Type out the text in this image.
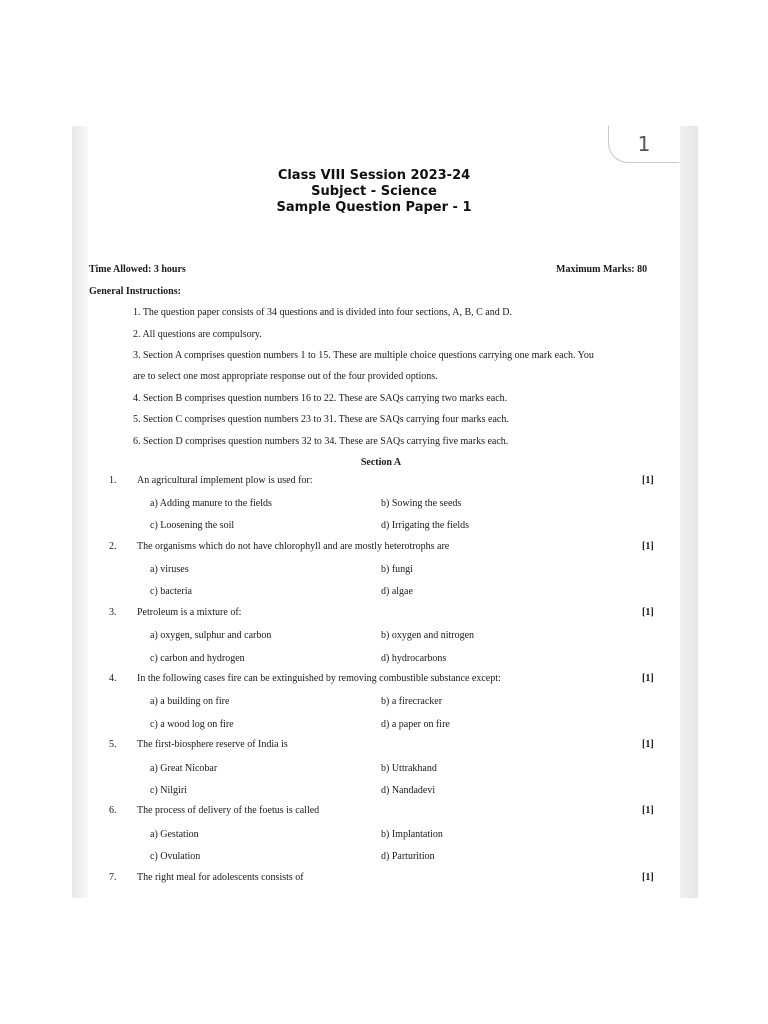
1
Class VIII Session 2023-24
Subject - Science
Sample Question Paper - 1
Time Allowed: 3 hours	Maximum Marks: 80
General Instructions:
1. The question paper consists of 34 questions and is divided into four sections, A, B, C and D.
2. All questions are compulsory.
3. Section A comprises question numbers 1 to 15. These are multiple choice questions carrying one mark each. You
are to select one most appropriate response out of the four provided options.
4. Section B comprises question numbers 16 to 22. These are SAQs carrying two marks each.
5. Section C comprises question numbers 23 to 31. These are SAQs carrying four marks each.
6. Section D comprises question numbers 32 to 34. These are SAQs carrying five marks each.
Section A
1. An agricultural implement plow is used for:	[1]
a) Adding manure to the fields	b) Sowing the seeds
c) Loosening the soil	d) Irrigating the fields
2. The organisms which do not have chlorophyll and are mostly heterotrophs are	[1]
a) viruses	b) fungi
c) bacteria	d) algae
3. Petroleum is a mixture of:	[1]
a) oxygen, sulphur and carbon	b) oxygen and nitrogen
c) carbon and hydrogen	d) hydrocarbons
4. In the following cases fire can be extinguished by removing combustible substance except:	[1]
a) a building on fire	b) a firecracker
c) a wood log on fire	d) a paper on fire
5. The first-biosphere reserve of India is	[1]
a) Great Nicobar	b) Uttrakhand
c) Nilgiri	d) Nandadevi
6. The process of delivery of the foetus is called	[1]
a) Gestation	b) Implantation
c) Ovulation	d) Parturition
7. The right meal for adolescents consists of	[1]
